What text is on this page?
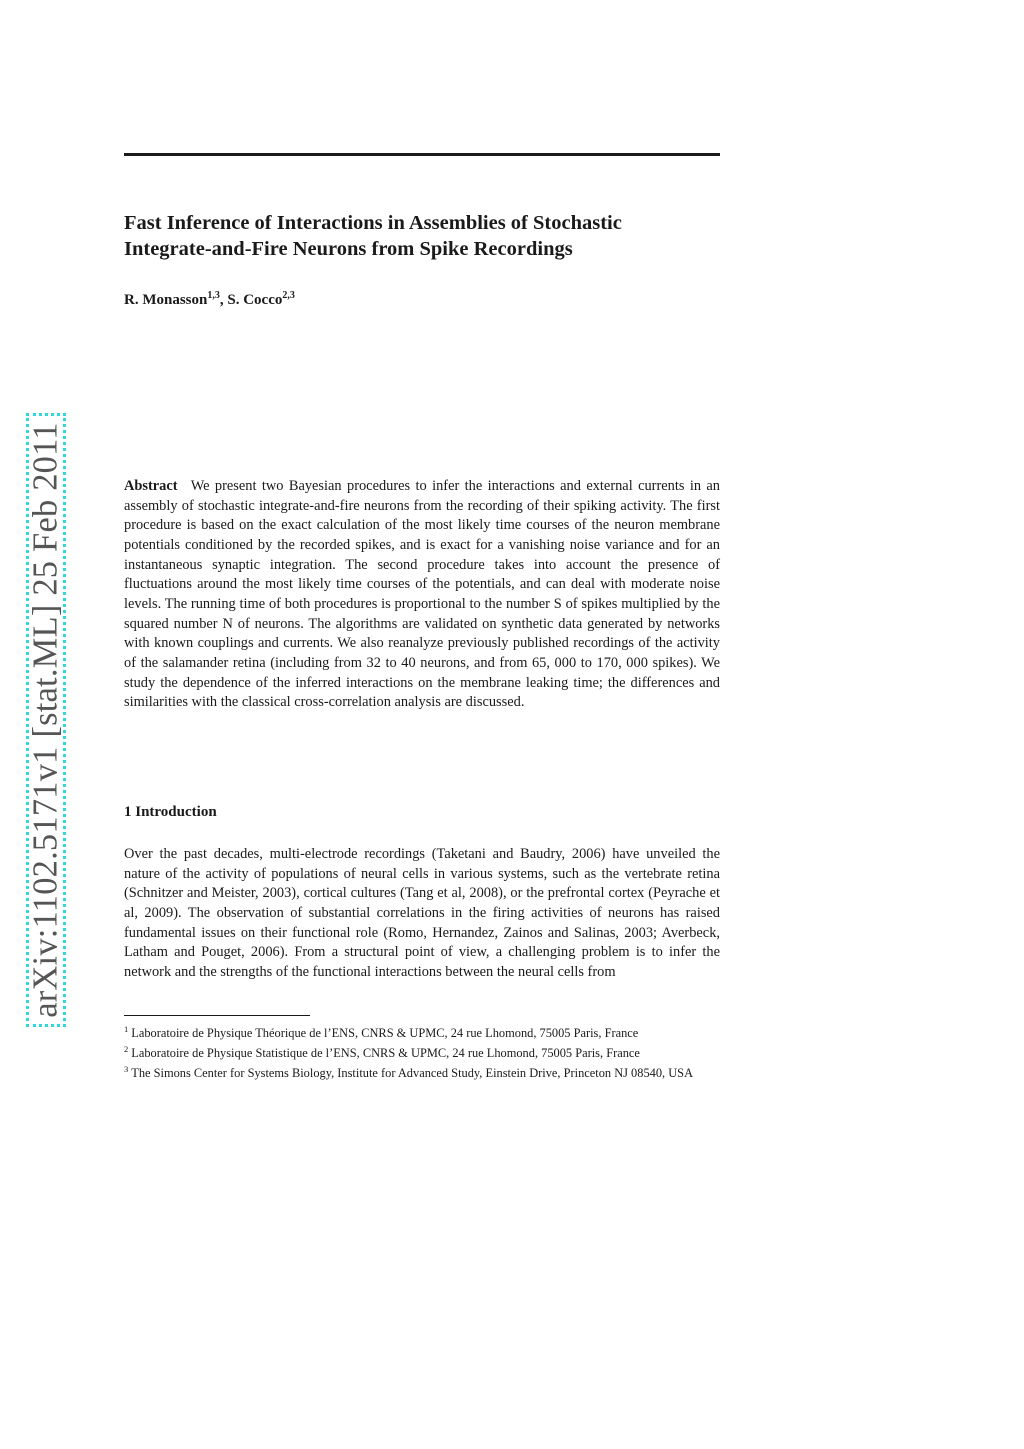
arXiv:1102.5171v1 [stat.ML] 25 Feb 2011
Fast Inference of Interactions in Assemblies of Stochastic
Integrate-and-Fire Neurons from Spike Recordings
R. Monasson$^{1,3}$, S. Cocco$^{2,3}$

Abstract We present two Bayesian procedures to infer the interactions and external currents in an assembly of stochastic integrate-and-fire neurons from the recording of their spiking activity. The first procedure is based on the exact calculation of the most likely time courses of the neuron membrane potentials conditioned by the recorded spikes, and is exact for a vanishing noise variance and for an instantaneous synaptic integration. The second procedure takes into account the presence of fluctuations around the most likely time courses of the potentials, and can deal with moderate noise levels. The running time of both procedures is proportional to the number S of spikes multiplied by the squared number N of neurons. The algorithms are validated on synthetic data generated by networks with known couplings and currents. We also reanalyze previously published recordings of the activity of the salamander retina (including from 32 to 40 neurons, and from 65, 000 to 170, 000 spikes). We study the dependence of the inferred interactions on the membrane leaking time; the differences and similarities with the classical cross-correlation analysis are discussed.

1 Introduction

Over the past decades, multi-electrode recordings (Taketani and Baudry, 2006) have unveiled the nature of the activity of populations of neural cells in various systems, such as the vertebrate retina (Schnitzer and Meister, 2003), cortical cultures (Tang et al, 2008), or the prefrontal cortex (Peyrache et al, 2009). The observation of substantial correlations in the firing activities of neurons has raised fundamental issues on their functional role (Romo, Hernandez, Zainos and Salinas, 2003; Averbeck, Latham and Pouget, 2006). From a structural point of view, a challenging problem is to infer the network and the strengths of the functional interactions between the neural cells from

$^1$ Laboratoire de Physique Théorique de l’ENS, CNRS & UPMC, 24 rue Lhomond, 75005 Paris, France

$^2$ Laboratoire de Physique Statistique de l’ENS, CNRS & UPMC, 24 rue Lhomond, 75005 Paris, France

$^3$ The Simons Center for Systems Biology, Institute for Advanced Study, Einstein Drive, Princeton NJ 08540, USA
